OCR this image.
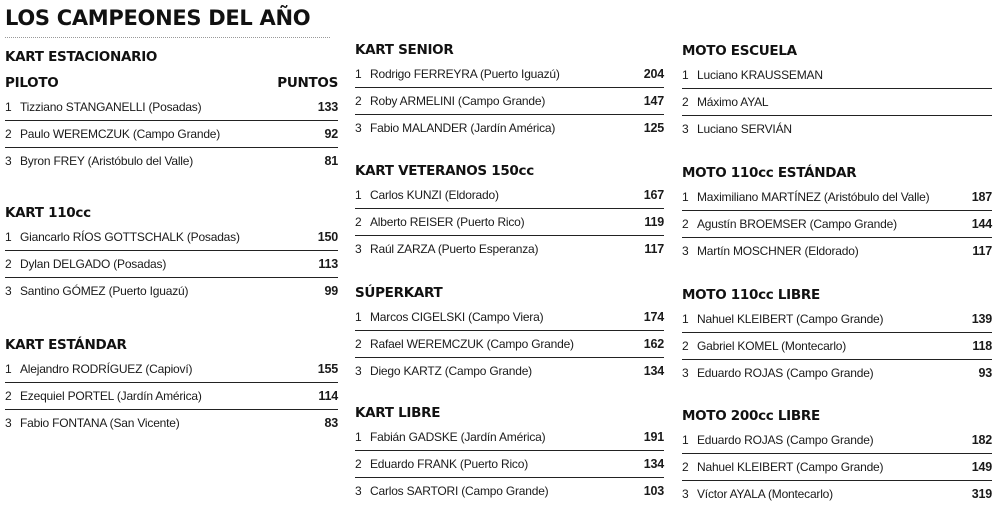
LOS CAMPEONES DEL AÑO
KART ESTACIONARIO
PILOTO	PUNTOS
1 Tizziano STANGANELLI (Posadas)	133
2 Paulo WEREMCZUK (Campo Grande)	92
3 Byron FREY (Aristóbulo del Valle)	81
KART 110cc
1 Giancarlo RÍOS GOTTSCHALK (Posadas)	150
2 Dylan DELGADO (Posadas)	113
3 Santino GÓMEZ (Puerto Iguazú)	99
KART ESTÁNDAR
1 Alejandro RODRÍGUEZ (Capioví)	155
2 Ezequiel PORTEL (Jardín América)	114
3 Fabio FONTANA (San Vicente)	83
KART SENIOR
1 Rodrigo FERREYRA (Puerto Iguazú)	204
2 Roby ARMELINI (Campo Grande)	147
3 Fabio MALANDER (Jardín América)	125
KART VETERANOS 150cc
1 Carlos KUNZI (Eldorado)	167
2 Alberto REISER (Puerto Rico)	119
3 Raúl ZARZA (Puerto Esperanza)	117
SÚPERKART
1 Marcos CIGELSKI (Campo Viera)	174
2 Rafael WEREMCZUK (Campo Grande)	162
3 Diego KARTZ (Campo Grande)	134
KART LIBRE
1 Fabián GADSKE (Jardín América)	191
2 Eduardo FRANK (Puerto Rico)	134
3 Carlos SARTORI (Campo Grande)	103
MOTO ESCUELA
1 Luciano KRAUSSEMAN
2 Máximo AYAL
3 Luciano SERVIÁN
MOTO 110cc ESTÁNDAR
1 Maximiliano MARTÍNEZ (Aristóbulo del Valle)	187
2 Agustín BROEMSER (Campo Grande)	144
3 Martín MOSCHNER (Eldorado)	117
MOTO 110cc LIBRE
1 Nahuel KLEIBERT (Campo Grande)	139
2 Gabriel KOMEL (Montecarlo)	118
3 Eduardo ROJAS (Campo Grande)	93
MOTO 200cc LIBRE
1 Eduardo ROJAS (Campo Grande)	182
2 Nahuel KLEIBERT (Campo Grande)	149
3 Víctor AYALA (Montecarlo)	319
